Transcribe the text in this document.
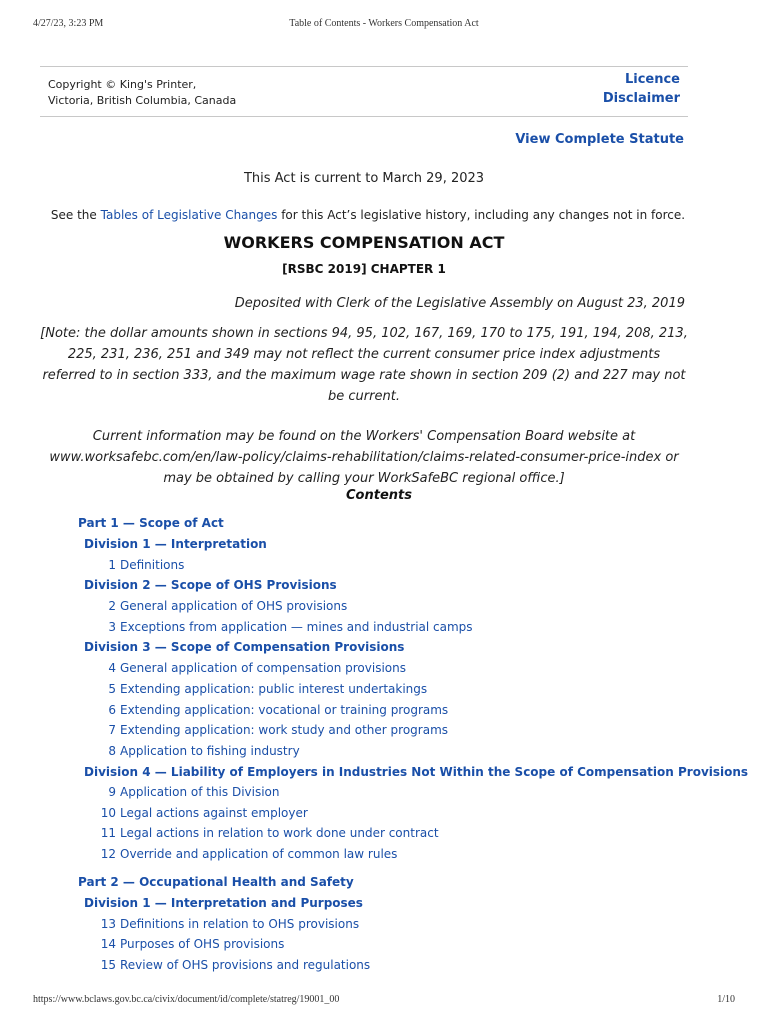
4/27/23, 3:23 PM	Table of Contents - Workers Compensation Act
Copyright © King's Printer,
Victoria, British Columbia, Canada
Licence
Disclaimer
View Complete Statute
This Act is current to March 29, 2023
See the Tables of Legislative Changes for this Act’s legislative history, including any changes not in force.
WORKERS COMPENSATION ACT
[RSBC 2019] CHAPTER 1
Deposited with Clerk of the Legislative Assembly on August 23, 2019

[Note: the dollar amounts shown in sections 94, 95, 102, 167, 169, 170 to 175, 191, 194, 208, 213, 225, 231, 236, 251 and 349 may not reflect the current consumer price index adjustments referred to in section 333, and the maximum wage rate shown in section 209 (2) and 227 may not be current.

Current information may be found on the Workers' Compensation Board website at www.worksafebc.com/en/law-policy/claims-rehabilitation/claims-related-consumer-price-index or may be obtained by calling your WorkSafeBC regional office.]

Contents
Part 1 — Scope of Act
Division 1 — Interpretation
1 Definitions
Division 2 — Scope of OHS Provisions
2 General application of OHS provisions
3 Exceptions from application — mines and industrial camps
Division 3 — Scope of Compensation Provisions
4 General application of compensation provisions
5 Extending application: public interest undertakings
6 Extending application: vocational or training programs
7 Extending application: work study and other programs
8 Application to fishing industry
Division 4 — Liability of Employers in Industries Not Within the Scope of Compensation Provisions
9 Application of this Division
10 Legal actions against employer
11 Legal actions in relation to work done under contract
12 Override and application of common law rules
Part 2 — Occupational Health and Safety
Division 1 — Interpretation and Purposes
13 Definitions in relation to OHS provisions
14 Purposes of OHS provisions
15 Review of OHS provisions and regulations
https://www.bclaws.gov.bc.ca/civix/document/id/complete/statreg/19001_00	1/10
